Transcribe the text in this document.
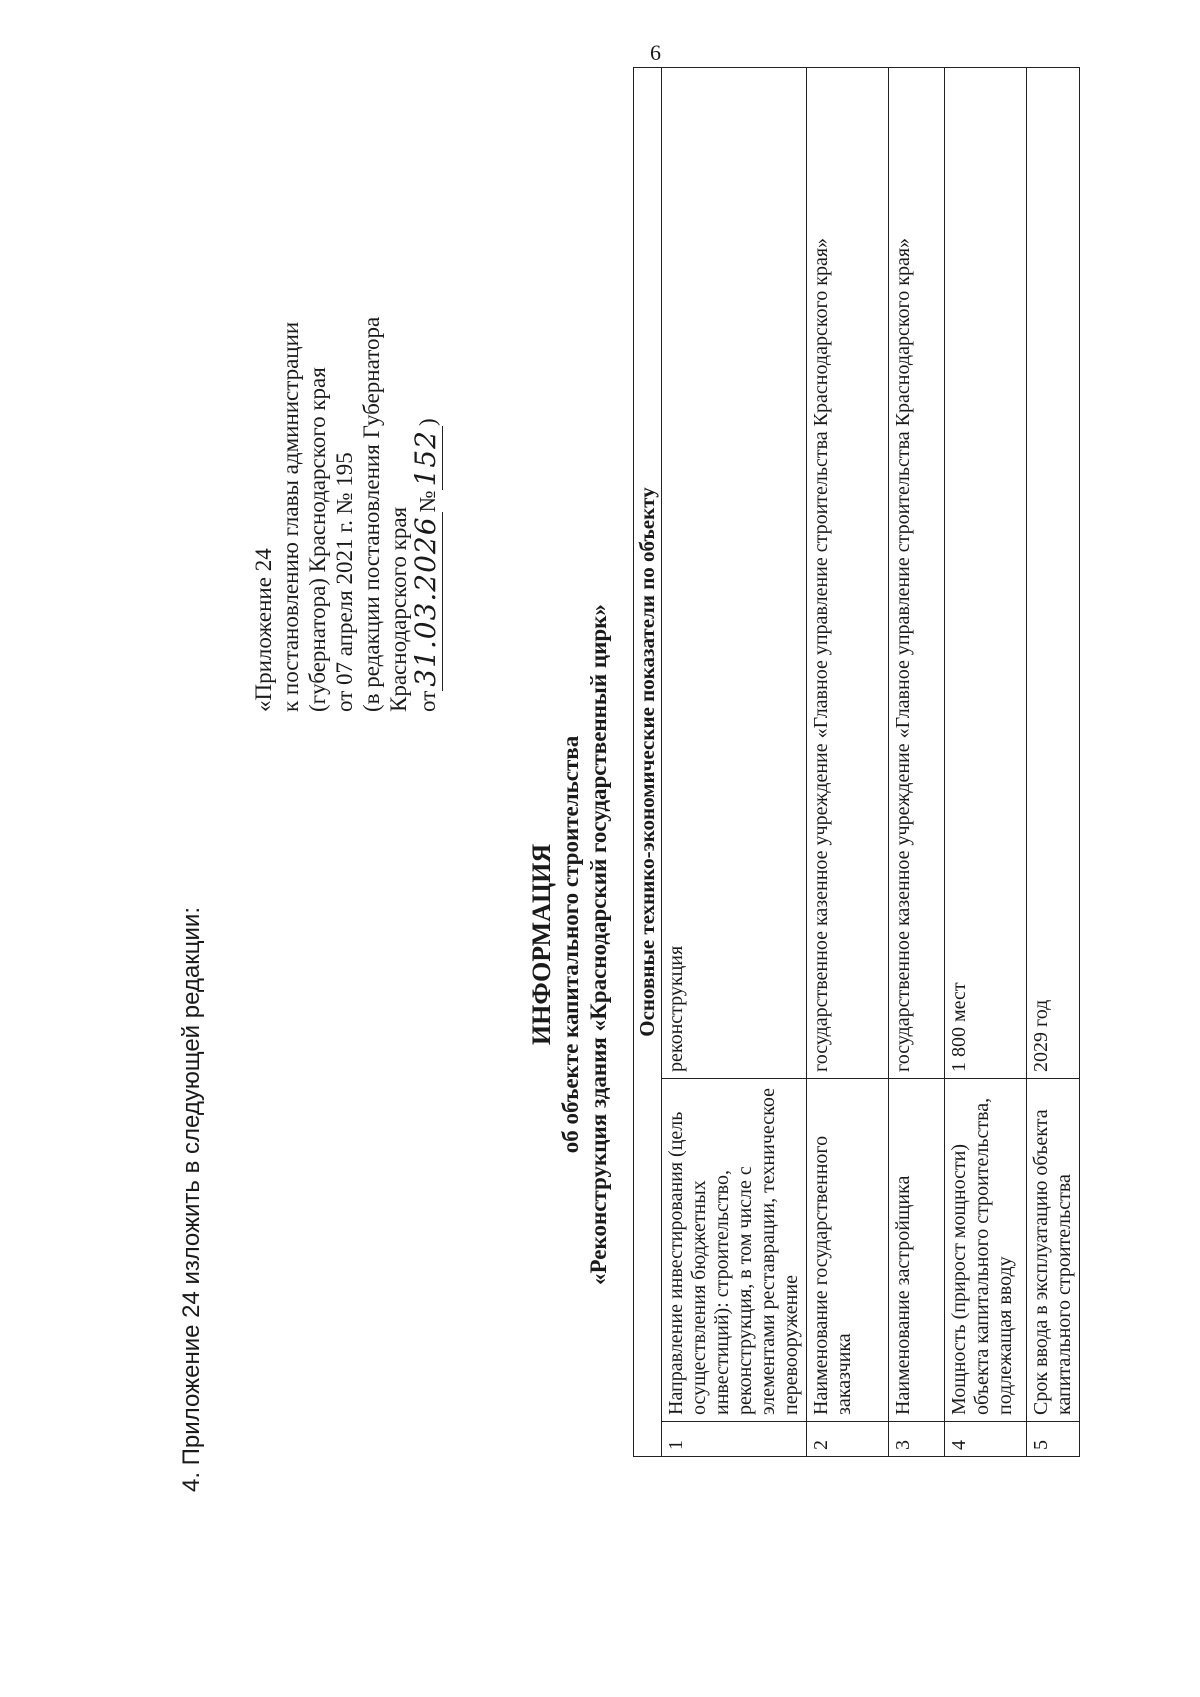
6
4. Приложение 24 изложить в следующей редакции:
«Приложение 24 к постановлению главы администрации (губернатора) Краснодарского края от 07 апреля 2021 г. № 195 (в редакции постановления Губернатора Краснодарского края от31.03.2026№152)
ИНФОРМАЦИЯ об объекте капитального строительства «Реконструкция здания «Краснодарский государственный цирк» Основные технико-экономические показатели по объекту		
1	Направление инвестирования (цель осуществления бюджетных инвестиций): строительство, реконструкция, в том числе с элементами реставрации, техническое перевооружение	реконструкция
2	Наименование государственного заказчика	государственное казенное учреждение «Главное управление строительства Краснодарского края»
3	Наименование застройщика	государственное казенное учреждение «Главное управление строительства Краснодарского края»
4	Мощность (прирост мощности) объекта капитального строительства, подлежащая вводу	1 800 мест
5	Срок ввода в эксплуатацию объекта капитального строительства	2029 год
